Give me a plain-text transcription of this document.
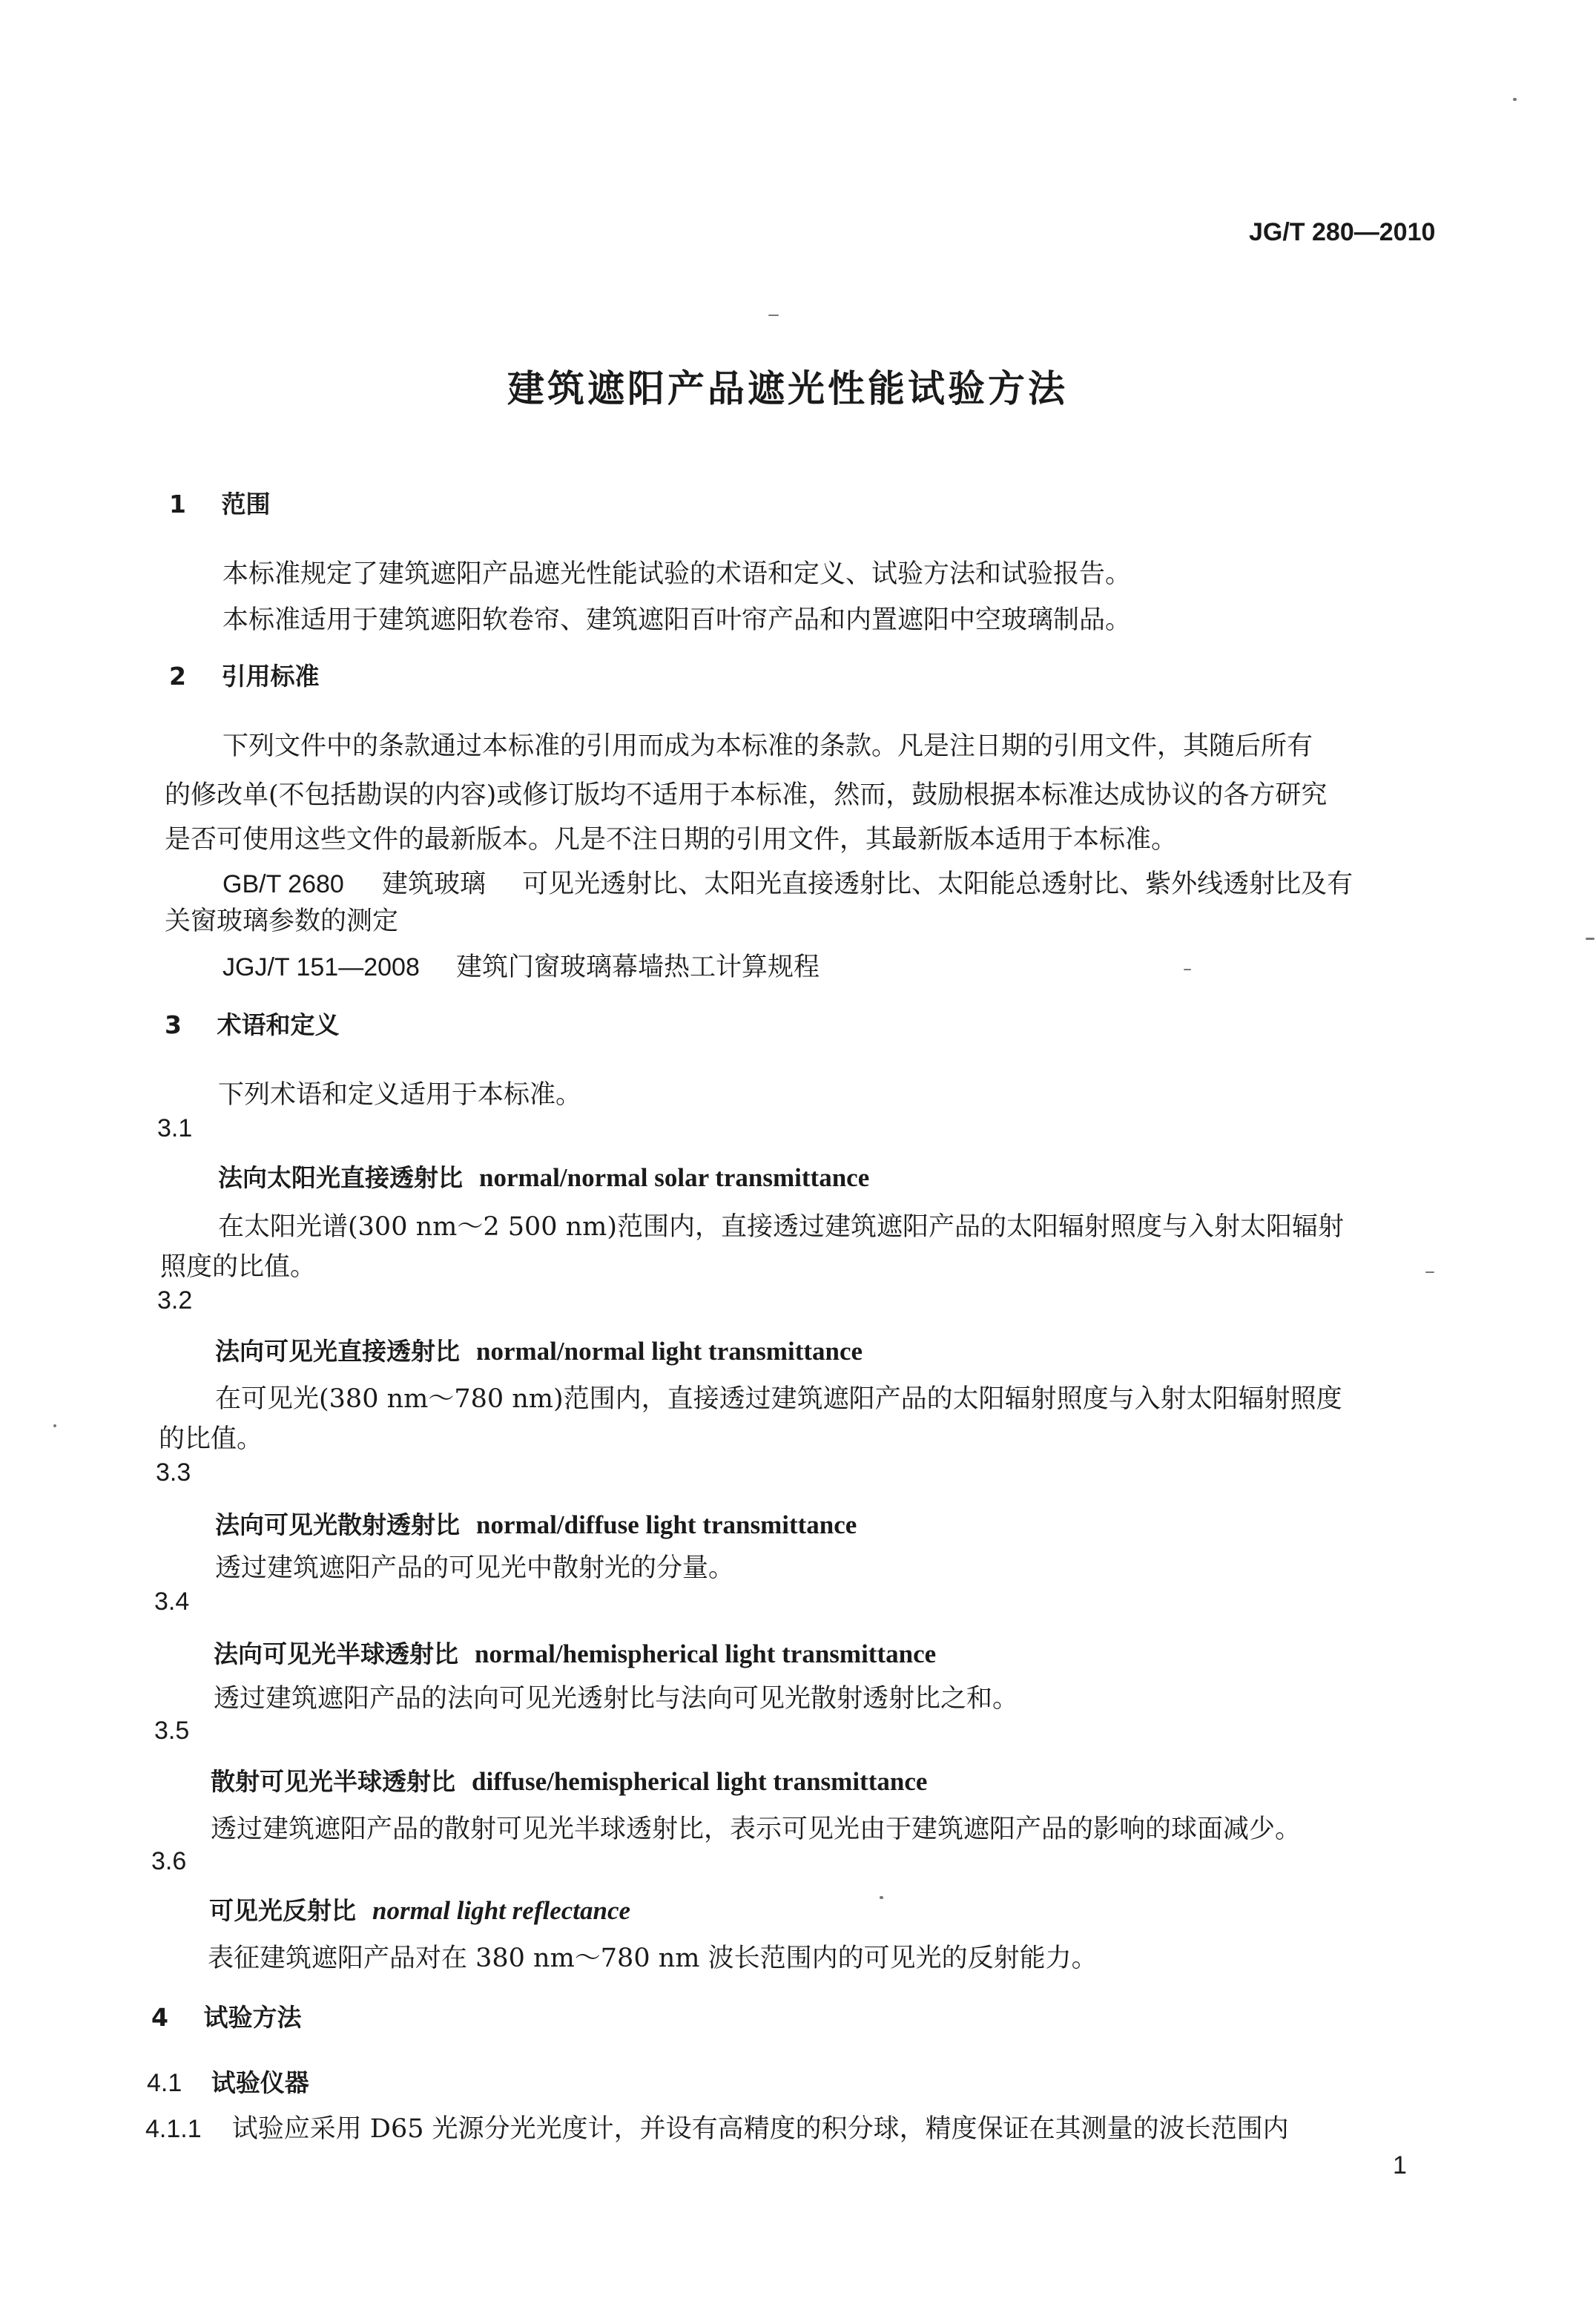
JG/T 280—2010
建筑遮阳产品遮光性能试验方法
1 范围
本标准规定了建筑遮阳产品遮光性能试验的术语和定义、试验方法和试验报告。
本标准适用于建筑遮阳软卷帘、建筑遮阳百叶帘产品和内置遮阳中空玻璃制品。
2 引用标准
下列文件中的条款通过本标准的引用而成为本标准的条款。凡是注日期的引用文件，其随后所有
的修改单(不包括勘误的内容)或修订版均不适用于本标准，然而，鼓励根据本标准达成协议的各方研究
是否可使用这些文件的最新版本。凡是不注日期的引用文件，其最新版本适用于本标准。
GB/T 2680 建筑玻璃 可见光透射比、太阳光直接透射比、太阳能总透射比、紫外线透射比及有
关窗玻璃参数的测定
JGJ/T 151—2008 建筑门窗玻璃幕墙热工计算规程
3 术语和定义
下列术语和定义适用于本标准。
3.1
法向太阳光直接透射比 normal/normal solar transmittance
在太阳光谱(300 nm～2 500 nm)范围内，直接透过建筑遮阳产品的太阳辐射照度与入射太阳辐射
照度的比值。
3.2
法向可见光直接透射比 normal/normal light transmittance
在可见光(380 nm～780 nm)范围内，直接透过建筑遮阳产品的太阳辐射照度与入射太阳辐射照度
的比值。
3.3
法向可见光散射透射比 normal/diffuse light transmittance
透过建筑遮阳产品的可见光中散射光的分量。
3.4
法向可见光半球透射比 normal/hemispherical light transmittance
透过建筑遮阳产品的法向可见光透射比与法向可见光散射透射比之和。
3.5
散射可见光半球透射比 diffuse/hemispherical light transmittance
透过建筑遮阳产品的散射可见光半球透射比，表示可见光由于建筑遮阳产品的影响的球面减少。
3.6
可见光反射比 normal light reflectance
表征建筑遮阳产品对在 380 nm～780 nm 波长范围内的可见光的反射能力。
4 试验方法
4.1 试验仪器
4.1.1 试验应采用 D65 光源分光光度计，并设有高精度的积分球，精度保证在其测量的波长范围内
1
